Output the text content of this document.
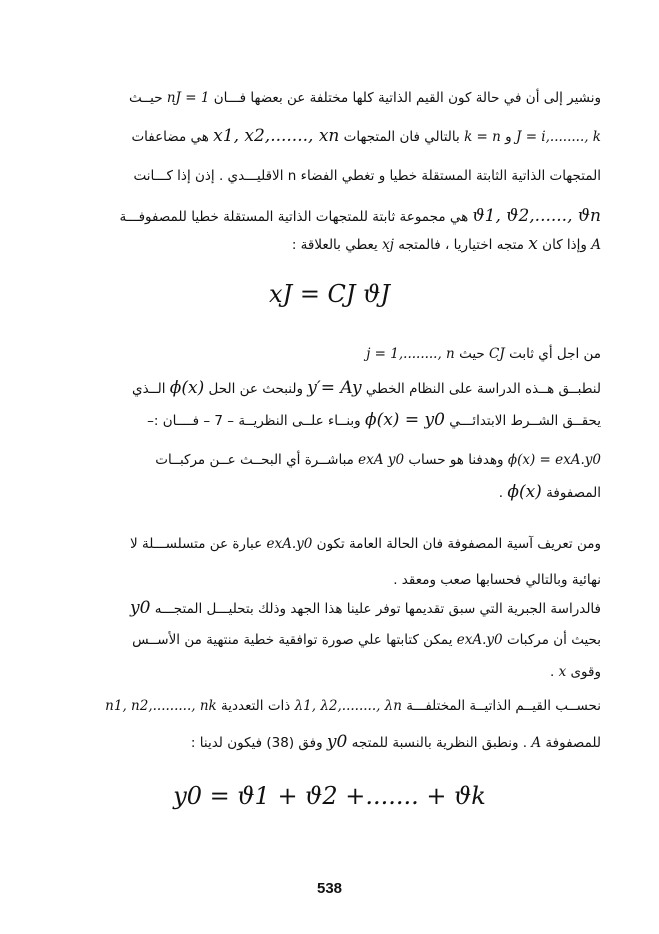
ونشير إلى أن في حالة كون القيم الذاتية كلها مختلفة عن بعضها فـــان nJ = 1 حيــث
J = i,........, k و k = n بالتالي فان المتجهات x1, x2,......., xn هي مضاعفات
المتجهات الذاتية الثابتة المستقلة خطيا و تغطي الفضاء n الاقليـــدي . إذن إذا كـــانت
ϑ1, ϑ2,......, ϑn هي مجموعة ثابتة للمتجهات الذاتية المستقلة خطيا للمصفوفـــة
A وإذا كان x متجه اختياريا ، فالمتجه xj يعطي بالعلاقة :
xJ = CJ ϑJ
من اجل أي ثابت CJ حيث j = 1,........, n
لنطبــق هــذه الدراسة على النظام الخطي y′= Ay ولنبحث عن الحل ϕ(x) الــذي
يحقــق الشــرط الابتدائـــي ϕ(x) = y0 وبنــاء علــى النظريــة – 7 – فــــان :–
ϕ(x) = exA.y0 وهدفنا هو حساب exA y0 مباشــرة أي البحــث عــن مركبــات
المصفوفة ϕ(x) .
ومن تعريف آسية المصفوفة فان الحالة العامة تكون exA.y0 عبارة عن متسلســـلة لا
نهائية وبالتالي فحسابها صعب ومعقد .
فالدراسة الجبرية التي سبق تقديمها توفر علينا هذا الجهد وذلك بتحليـــل المتجـــه y0
بحيث أن مركبات exA.y0 يمكن كتابتها علي صورة توافقية خطية منتهية من الأســس
وقوى x .
نحســب القيــم الذاتيــة المختلفـــة λ1, λ2,........, λn ذات التعددية n1, n2,........., nk
للمصفوفة A . ونطبق النظرية بالنسبة للمتجه y0 وفق (38) فيكون لدينا :
y0 = ϑ1 + ϑ2 +....... + ϑk
538
